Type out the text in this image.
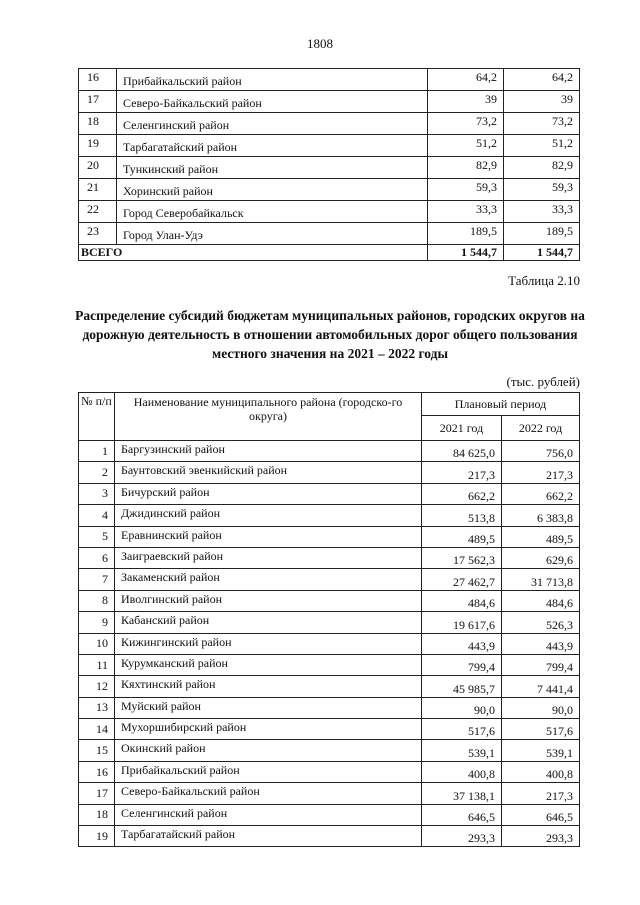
1808
16	Прибайкальский район	64,2	64,2
17	Северо-Байкальский район	39	39
18	Селенгинский район	73,2	73,2
19	Тарбагатайский район	51,2	51,2
20	Тункинский район	82,9	82,9
21	Хоринский район	59,3	59,3
22	Город Северобайкальск	33,3	33,3
23	Город Улан-Удэ	189,5	189,5
ВСЕГО		1 544,7	1 544,7
Таблица 2.10
Распределение субсидий бюджетам муниципальных районов, городских округов на дорожную деятельность в отношении автомобильных дорог общего пользования местного значения на 2021 – 2022 годы
(тыс. рублей)
№ п/п	Наименование муниципального района (городско-го округа)	Плановый период	
		2021 год	2022 год
1	Баргузинский район	84 625,0	756,0
2	Баунтовский эвенкийский район	217,3	217,3
3	Бичурский район	662,2	662,2
4	Джидинский район	513,8	6 383,8
5	Еравнинский район	489,5	489,5
6	Заиграевский район	17 562,3	629,6
7	Закаменский район	27 462,7	31 713,8
8	Иволгинский район	484,6	484,6
9	Кабанский район	19 617,6	526,3
10	Кижингинский район	443,9	443,9
11	Курумканский район	799,4	799,4
12	Кяхтинский район	45 985,7	7 441,4
13	Муйский район	90,0	90,0
14	Мухоршибирский район	517,6	517,6
15	Окинский район	539,1	539,1
16	Прибайкальский район	400,8	400,8
17	Северо-Байкальский район	37 138,1	217,3
18	Селенгинский район	646,5	646,5
19	Тарбагатайский район	293,3	293,3
